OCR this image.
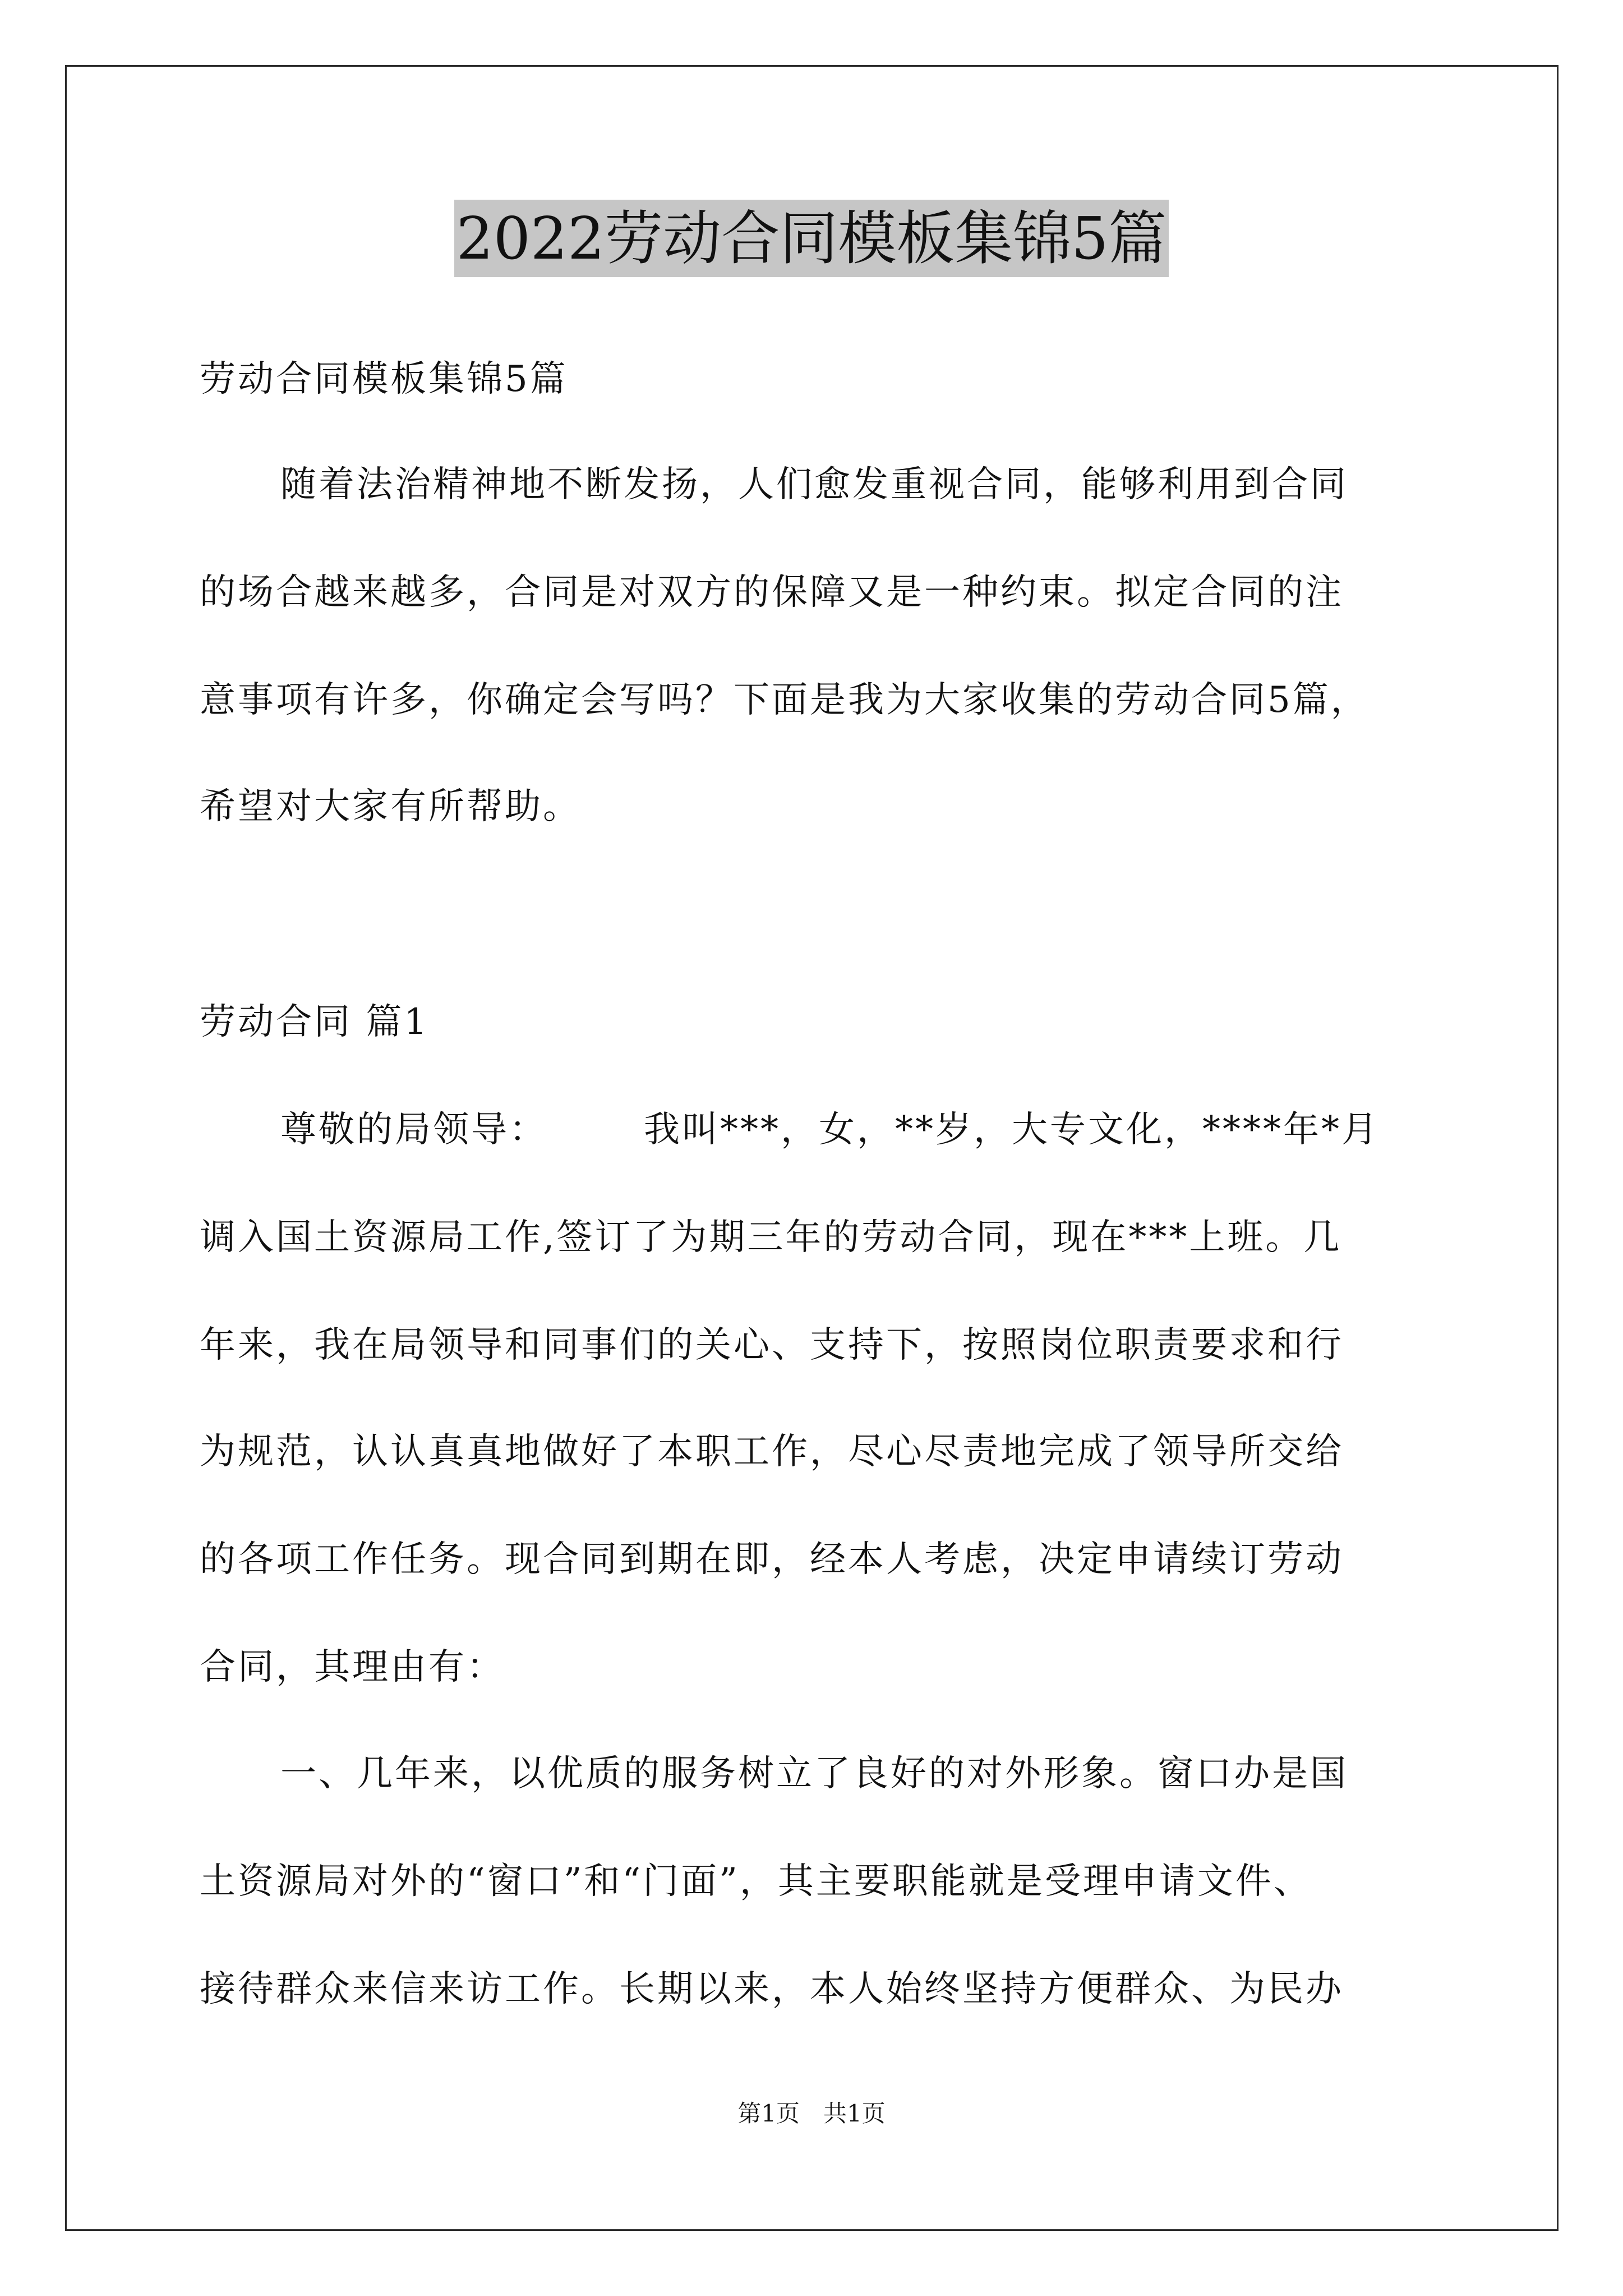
2022劳动合同模板集锦5篇

劳动合同模板集锦5篇

随着法治精神地不断发扬，人们愈发重视合同，能够利用到合同

的场合越来越多，合同是对双方的保障又是一种约束。拟定合同的注

意事项有许多，你确定会写吗？下面是我为大家收集的劳动合同5篇，

希望对大家有所帮助。

劳动合同 篇1

尊敬的局领导：　　　我叫***，女，**岁，大专文化，****年*月

调入国土资源局工作,签订了为期三年的劳动合同，现在***上班。几

年来，我在局领导和同事们的关心、支持下，按照岗位职责要求和行

为规范，认认真真地做好了本职工作，尽心尽责地完成了领导所交给

的各项工作任务。现合同到期在即，经本人考虑，决定申请续订劳动

合同，其理由有：

一、几年来，以优质的服务树立了良好的对外形象。窗口办是国

土资源局对外的“窗口”和“门面”，其主要职能就是受理申请文件、

接待群众来信来访工作。长期以来，本人始终坚持方便群众、为民办

第1页　共1页
